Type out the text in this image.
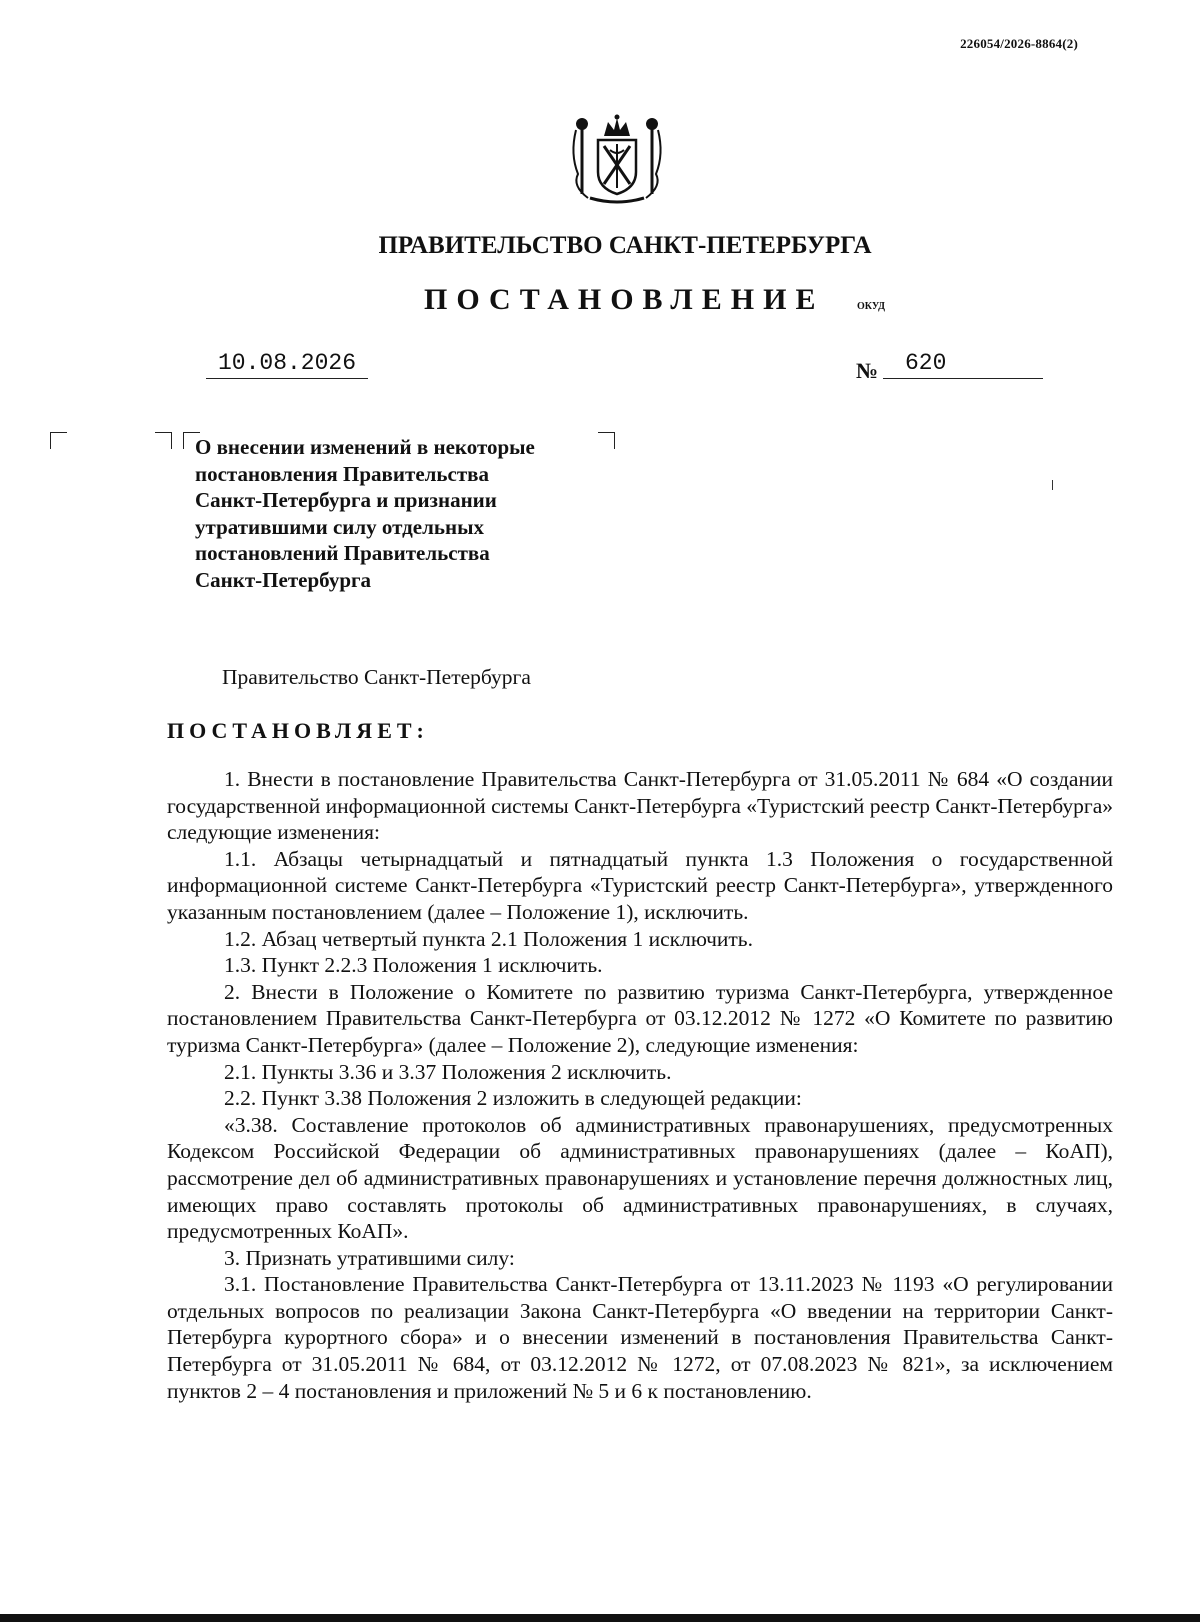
226054/2026-8864(2)
ПРАВИТЕЛЬСТВО САНКТ-ПЕТЕРБУРГА
ПОСТАНОВЛЕНИЕ	ОКУД
10.08.2026	№	620
О внесении изменений в некоторые
постановления Правительства
Санкт-Петербурга и признании
утратившими силу отдельных
постановлений Правительства
Санкт-Петербурга
Правительство Санкт-Петербурга
ПОСТАНОВЛЯЕТ:

1. Внести в постановление Правительства Санкт-Петербурга от 31.05.2011 № 684 «О создании государственной информационной системы Санкт-Петербурга «Туристский реестр Санкт-Петербурга» следующие изменения:

1.1. Абзацы четырнадцатый и пятнадцатый пункта 1.3 Положения о государственной информационной системе Санкт-Петербурга «Туристский реестр Санкт-Петербурга», утвержденного указанным постановлением (далее – Положение 1), исключить.

1.2. Абзац четвертый пункта 2.1 Положения 1 исключить.

1.3. Пункт 2.2.3 Положения 1 исключить.

2. Внести в Положение о Комитете по развитию туризма Санкт-Петербурга, утвержденное постановлением Правительства Санкт-Петербурга от 03.12.2012 № 1272 «О Комитете по развитию туризма Санкт-Петербурга» (далее – Положение 2), следующие изменения:

2.1. Пункты 3.36 и 3.37 Положения 2 исключить.

2.2. Пункт 3.38 Положения 2 изложить в следующей редакции:

«3.38. Составление протоколов об административных правонарушениях, предусмотренных Кодексом Российской Федерации об административных правонарушениях (далее – КоАП), рассмотрение дел об административных правонарушениях и установление перечня должностных лиц, имеющих право составлять протоколы об административных правонарушениях, в случаях, предусмотренных КоАП».

3. Признать утратившими силу:

3.1. Постановление Правительства Санкт-Петербурга от 13.11.2023 № 1193 «О регулировании отдельных вопросов по реализации Закона Санкт-Петербурга «О введении на территории Санкт-Петербурга курортного сбора» и о внесении изменений в постановления Правительства Санкт-Петербурга от 31.05.2011 № 684, от 03.12.2012 № 1272, от 07.08.2023 № 821», за исключением пунктов 2 – 4 постановления и приложений № 5 и 6 к постановлению.
